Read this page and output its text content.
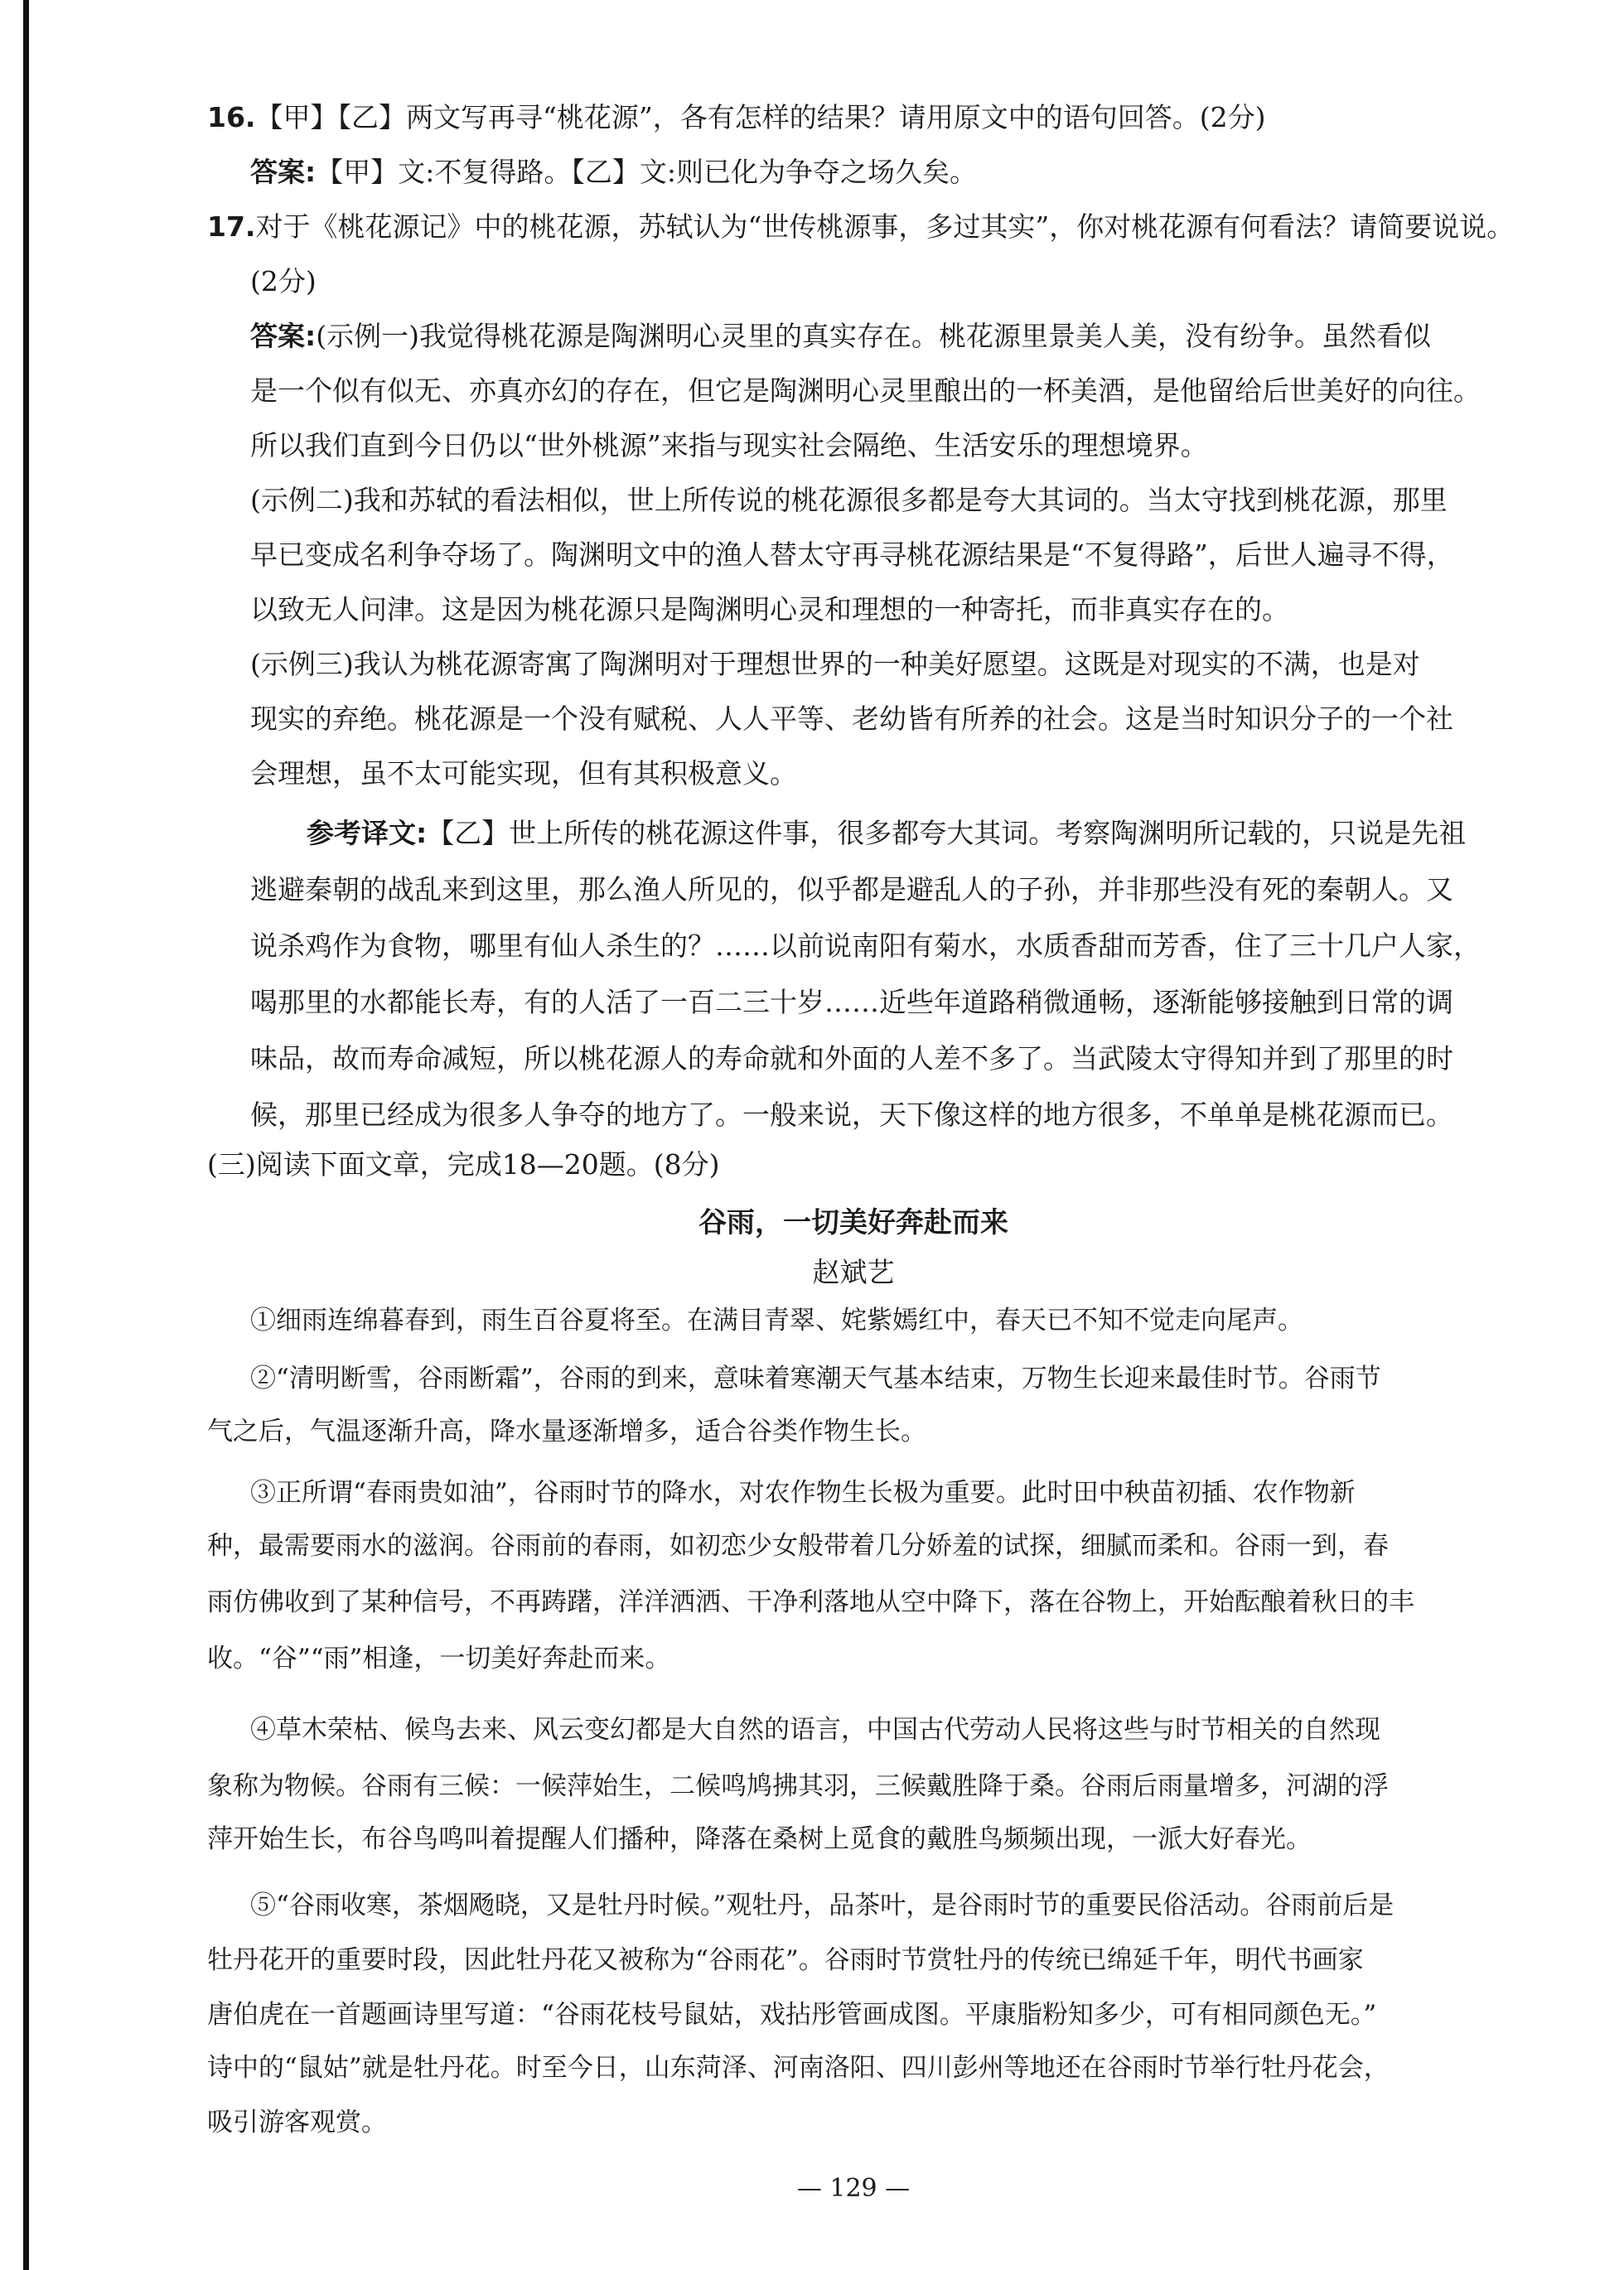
16.【甲】【乙】两文写再寻“桃花源”，各有怎样的结果？请用原文中的语句回答。(2分)
答案:【甲】文:不复得路。【乙】文:则已化为争夺之场久矣。
17.对于《桃花源记》中的桃花源，苏轼认为“世传桃源事，多过其实”，你对桃花源有何看法？请简要说说。
(2分)
答案:(示例一)我觉得桃花源是陶渊明心灵里的真实存在。桃花源里景美人美，没有纷争。虽然看似
是一个似有似无、亦真亦幻的存在，但它是陶渊明心灵里酿出的一杯美酒，是他留给后世美好的向往。
所以我们直到今日仍以“世外桃源”来指与现实社会隔绝、生活安乐的理想境界。
(示例二)我和苏轼的看法相似，世上所传说的桃花源很多都是夸大其词的。当太守找到桃花源，那里
早已变成名利争夺场了。陶渊明文中的渔人替太守再寻桃花源结果是“不复得路”，后世人遍寻不得，
以致无人问津。这是因为桃花源只是陶渊明心灵和理想的一种寄托，而非真实存在的。
(示例三)我认为桃花源寄寓了陶渊明对于理想世界的一种美好愿望。这既是对现实的不满，也是对
现实的弃绝。桃花源是一个没有赋税、人人平等、老幼皆有所养的社会。这是当时知识分子的一个社
会理想，虽不太可能实现，但有其积极意义。
参考译文:【乙】世上所传的桃花源这件事，很多都夸大其词。考察陶渊明所记载的，只说是先祖
逃避秦朝的战乱来到这里，那么渔人所见的，似乎都是避乱人的子孙，并非那些没有死的秦朝人。又
说杀鸡作为食物，哪里有仙人杀生的？……以前说南阳有菊水，水质香甜而芳香，住了三十几户人家，
喝那里的水都能长寿，有的人活了一百二三十岁……近些年道路稍微通畅，逐渐能够接触到日常的调
味品，故而寿命减短，所以桃花源人的寿命就和外面的人差不多了。当武陵太守得知并到了那里的时
候，那里已经成为很多人争夺的地方了。一般来说，天下像这样的地方很多，不单单是桃花源而已。
(三)阅读下面文章，完成18—20题。(8分)
谷雨，一切美好奔赴而来
赵斌艺
①细雨连绵暮春到，雨生百谷夏将至。在满目青翠、姹紫嫣红中，春天已不知不觉走向尾声。
②“清明断雪，谷雨断霜”，谷雨的到来，意味着寒潮天气基本结束，万物生长迎来最佳时节。谷雨节
气之后，气温逐渐升高，降水量逐渐增多，适合谷类作物生长。
③正所谓“春雨贵如油”，谷雨时节的降水，对农作物生长极为重要。此时田中秧苗初插、农作物新
种，最需要雨水的滋润。谷雨前的春雨，如初恋少女般带着几分娇羞的试探，细腻而柔和。谷雨一到，春
雨仿佛收到了某种信号，不再踌躇，洋洋洒洒、干净利落地从空中降下，落在谷物上，开始酝酿着秋日的丰
收。“谷”“雨”相逢，一切美好奔赴而来。
④草木荣枯、候鸟去来、风云变幻都是大自然的语言，中国古代劳动人民将这些与时节相关的自然现
象称为物候。谷雨有三候：一候萍始生，二候鸣鸠拂其羽，三候戴胜降于桑。谷雨后雨量增多，河湖的浮
萍开始生长，布谷鸟鸣叫着提醒人们播种，降落在桑树上觅食的戴胜鸟频频出现，一派大好春光。
⑤“谷雨收寒，茶烟飏晓，又是牡丹时候。”观牡丹，品茶叶，是谷雨时节的重要民俗活动。谷雨前后是
牡丹花开的重要时段，因此牡丹花又被称为“谷雨花”。谷雨时节赏牡丹的传统已绵延千年，明代书画家
唐伯虎在一首题画诗里写道：“谷雨花枝号鼠姑，戏拈彤管画成图。平康脂粉知多少，可有相同颜色无。”
诗中的“鼠姑”就是牡丹花。时至今日，山东菏泽、河南洛阳、四川彭州等地还在谷雨时节举行牡丹花会，
吸引游客观赏。
— 129 —
